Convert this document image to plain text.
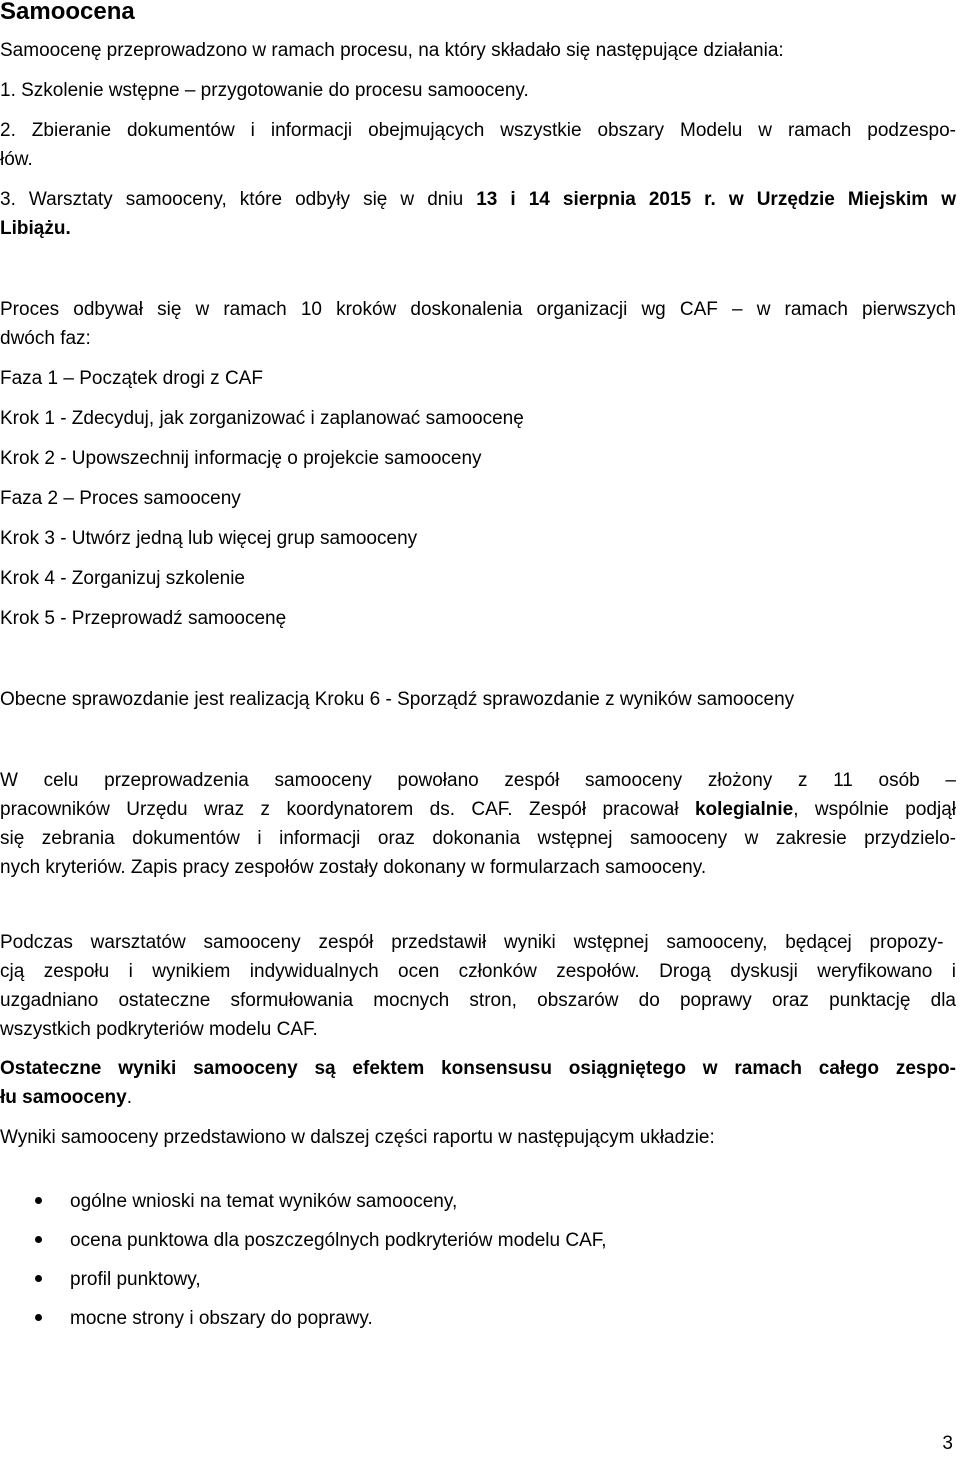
Samoocena
Samoocenę przeprowadzono w ramach procesu, na który składało się następujące działania:
1. Szkolenie wstępne – przygotowanie do procesu samooceny.
2. Zbieranie dokumentów i informacji obejmujących wszystkie obszary Modelu w ramach podzespo-
łów.
3. Warsztaty samooceny, które odbyły się w dniu 13 i 14 sierpnia 2015 r. w Urzędzie Miejskim w
Libiążu.
Proces odbywał się w ramach 10 kroków doskonalenia organizacji wg CAF – w ramach pierwszych
dwóch faz:
Faza 1 – Początek drogi z CAF
Krok 1 - Zdecyduj, jak zorganizować i zaplanować samoocenę
Krok 2 - Upowszechnij informację o projekcie samooceny
Faza 2 – Proces samooceny
Krok 3 - Utwórz jedną lub więcej grup samooceny
Krok 4 - Zorganizuj szkolenie
Krok 5 - Przeprowadź samoocenę
Obecne sprawozdanie jest realizacją Kroku 6 - Sporządź sprawozdanie z wyników samooceny
W celu przeprowadzenia samooceny powołano zespół samooceny złożony z 11 osób –
pracowników Urzędu wraz z koordynatorem ds. CAF. Zespół pracował kolegialnie, wspólnie podjął
się zebrania dokumentów i informacji oraz dokonania wstępnej samooceny w zakresie przydzielo-
nych kryteriów. Zapis pracy zespołów zostały dokonany w formularzach samooceny.
Podczas warsztatów samooceny zespół przedstawił wyniki wstępnej samooceny, będącej propozy-
cją zespołu i wynikiem indywidualnych ocen członków zespołów. Drogą dyskusji weryfikowano i
uzgadniano ostateczne sformułowania mocnych stron, obszarów do poprawy oraz punktację dla
wszystkich podkryteriów modelu CAF.
Ostateczne wyniki samooceny są efektem konsensusu osiągniętego w ramach całego zespo-
łu samooceny.
Wyniki samooceny przedstawiono w dalszej części raportu w następującym układzie:
ogólne wnioski na temat wyników samooceny,
ocena punktowa dla poszczególnych podkryteriów modelu CAF,
profil punktowy,
mocne strony i obszary do poprawy.
3
